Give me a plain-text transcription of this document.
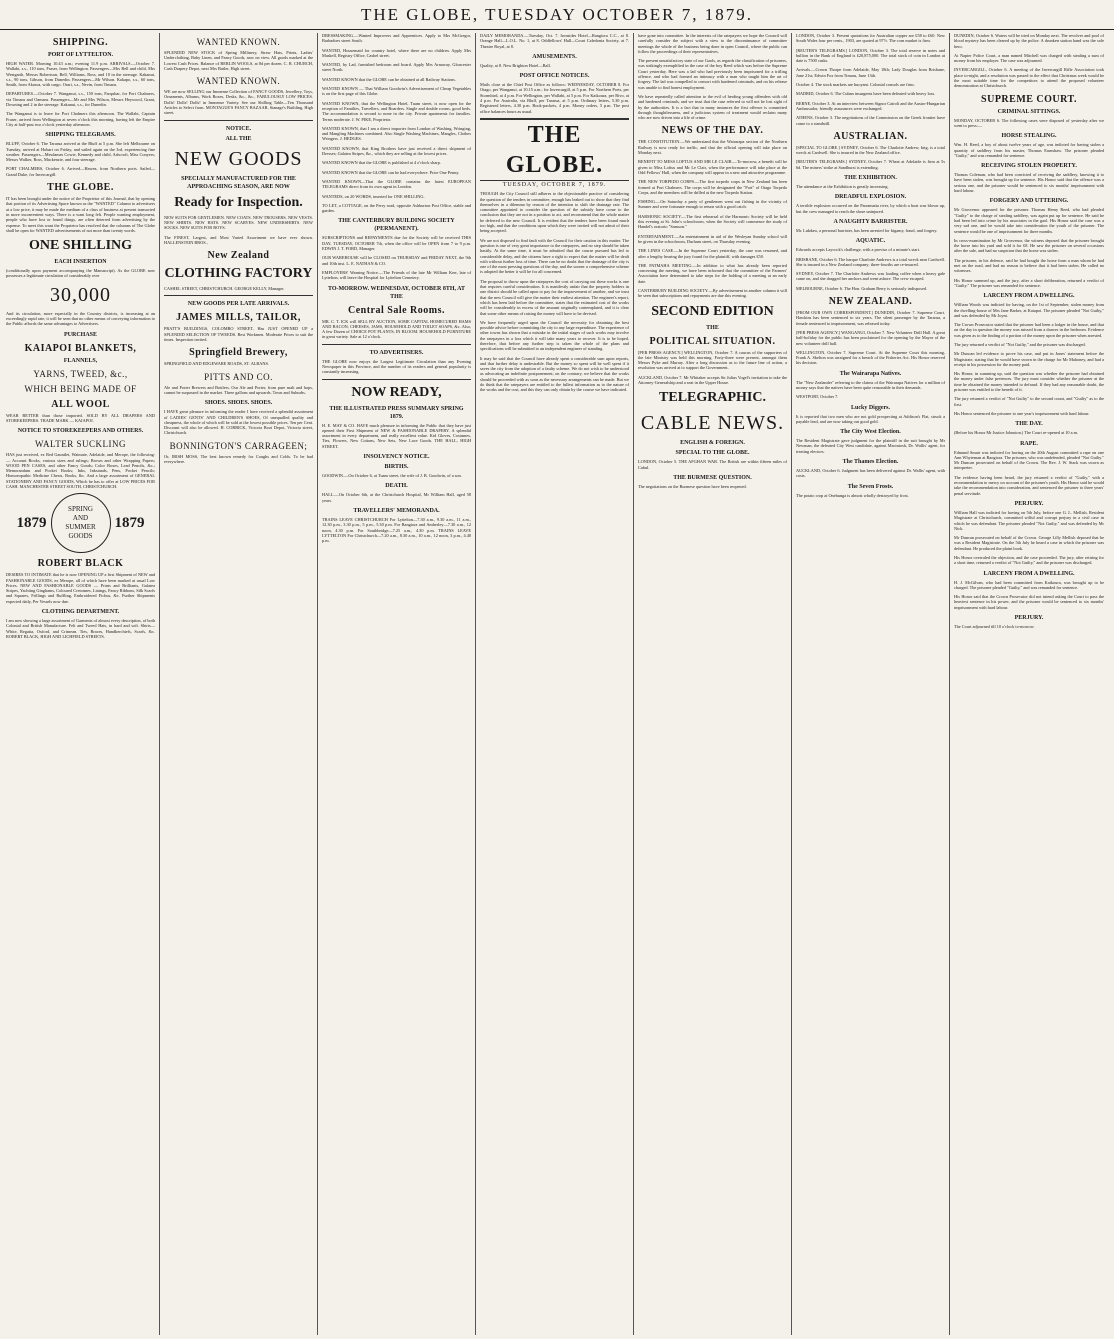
THE GLOBE, TUESDAY OCTOBER 7, 1879.
SHIPPING.
PORT OF LYTTELTON.
HIGH WATER. Morning 10.43 a.m.; evening 11.9 p.m. ARRIVALS.—October 7. Wallabi, s.s., 110 tons, Fraser, from Wellington. Passengers—Mrs Bell and child, Mrs Westgarth, Messrs Robertson, Bell, Williams, Ross, and 10 in the steerage. Kakanui, s.s., 90 tons, Gibson, from Dunedin. Passengers—Mr Wilson. Kakapo, s.s., 60 tons, Smith, from Akaroa, with cargo. Orari, s.s., Nevin, from Timaru.
DEPARTURES.—October 7. Wanganui, s.s., 150 tons, Farquhar, for Port Chalmers, via Timaru and Oamaru. Passengers—Mr and Mrs Wilson, Messrs Heywood, Grant, Downing and 2 in the steerage. Kakanui, s.s., for Dunedin.
The Wanganui is to leave for Port Chalmers this afternoon. The Wallabi, Captain Fraser, arrived from Wellington at seven o'clock this morning, having left the Empire City at half-past two o'clock yesterday afternoon.
SHIPPING TELEGRAMS.
BLUFF, October 6. The Tararua arrived at the Bluff at 5 p.m. She left Melbourne on Tuesday, arrived at Hobart on Friday, and sailed again on the 3rd, experiencing fine weather. Passengers—Mesdames Cowie, Kennedy and child, Ashcroft, Miss Conyers; Messrs Walker, Ross, Mackenzie, and four steerage.
PORT CHALMERS, October 6. Arrived—Hawea, from Northern ports. Sailed—Grand Duke, for Invercargill.
THE GLOBE.
IT has been brought under the notice of the Proprietor of this Journal, that by opening that portion of its Advertising Space known as the "WANTED" Column to advertisers at a low price, it may be made the medium of a class of business at present transacted in more inconvenient ways. There is a want long felt. People wanting employment, people who have lost or found things, are often deterred from advertising by the expense. To meet this want the Proprietor has resolved that the columns of The Globe shall be open for WANTED advertisements of not more than twenty words.
ONE SHILLING
EACH INSERTION
(conditionally upon payment accompanying the Manuscript). As the GLOBE now possesses a legitimate circulation of considerably over
30,000
And its circulation, more especially in the Country districts, is increasing at an exceedingly rapid rate, it will be seen that no other means of conveying information to the Public affords the same advantages to Advertisers.
PURCHASE
KAIAPOI BLANKETS,
FLANNELS,
YARNS, TWEED, &c.,
WHICH BEING MADE OF
ALL WOOL
WEAR BETTER than those imported. SOLD BY ALL DRAPERS AND STOREKEEPERS. TRADE MARK — KAIAPOI.
NOTICE TO STOREKEEPERS AND OTHERS.
WALTER SUCKLING
HAS just received, ex Red Gauntlet, Waimate, Adelaide, and Merope, the following:— Account Books, various sizes and rulings; Brown and other Wrapping Papers; WOOD PEN CASES, and other Fancy Goods; Color Boxes, Lead Pencils, &c.; Memorandum and Pocket Books; Inks, Inkstands, Pens, Pocket Pencils; Homoeopathic Medicine Chests, Books, &c. And a large assortment of GENERAL STATIONERY AND FANCY GOODS, Which he has to offer at LOW PRICES FOR CASH. MANCHESTER STREET SOUTH, CHRISTCHURCH.
1879
SPRING
AND
SUMMER
GOODS
1879
ROBERT BLACK
DESIRES TO INTIMATE that he is now OPENING UP a first Shipment of NEW and FASHIONABLE GOODS, ex Merope, all of which have been marked at usual Low Prices. NEW AND FASHIONABLE GOODS — Prints and Brilliants, Galatea Stripes, Yachting Ginghams, Coloured Cretonnes, Linings, Fancy Ribbons, Silk Scarfs and Squares, Frillings and Ruffling, Embroidered Fichus, &c. Further Shipments expected daily, Per Vessels now due.
CLOTHING DEPARTMENT.
I am now showing a large assortment of Garments of almost every description, of both Colonial and British Manufacture. Felt and Tweed Hats, in hard and soft. Shirts—White, Regatta, Oxford, and Crimean. Ties, Braces, Handkerchiefs, Scarfs, &c. ROBERT BLACK, HIGH AND LICHFIELD STREETS.
WANTED KNOWN.
SPLENDID NEW STOCK of Spring Millinery, Straw Hats, Prints, Ladies' Underclothing, Baby Linen, and Fancy Goods, now on view. All goods marked at the Lowest Cash Prices. Balance of BERLIN WOOLS, at 8d per dozen. C. R. CHURCH, Cash Drapery Depot, next Mrs Butler, High street.
WANTED KNOWN.
WE are now SELLING our Immense Collection of FANCY GOODS, Jewellery, Toys, Ornaments, Albums, Work Boxes, Desks, &c., &c., FABULOUSLY LOW PRICES. Dolls! Dolls! Dolls! in Immense Variety. See our Shilling Table—Ten Thousand Articles to Select from. MONTAGUE'S FANCY BAZAAR, Stanage's Building, High street.
NOTICE.
ALL THE
NEW GOODS
SPECIALLY MANUFACTURED FOR THE APPROACHING SEASON, ARE NOW
Ready for Inspection.
NEW SUITS FOR GENTLEMEN. NEW COATS. NEW TROUSERS. NEW VESTS. NEW SHIRTS. NEW HATS. NEW SCARVES. NEW UNDERSHIRTS. NEW SOCKS. NEW SUITS FOR BOYS.
The FINEST, Largest, and Most Varied Assortment we have ever shown. HALLENSTEIN BROS.,
New Zealand
CLOTHING FACTORY
CASHEL STREET, CHRISTCHURCH. GEORGE KELLY, Manager.
NEW GOODS PER LATE ARRIVALS.
JAMES MILLS, TAILOR,
PRATT'S BUILDINGS, COLOMBO STREET, Has JUST OPENED UP a SPLENDID SELECTION OF TWEEDS. Best Workmen. Moderate Prices to suit the times. Inspection invited.
Springfield Brewery,
SPRINGFIELD AND EDGEWARE ROADS, ST. ALBANS.
PITTS AND CO.
Ale and Porter Brewers and Bottlers. Our Ale and Porter, from pure malt and hops, cannot be surpassed in the market. Three gallons and upwards. Town and Suburbs.
SHOES. SHOES. SHOES.
I HAVE great pleasure in informing the reader I have received a splendid assortment of LADIES' GENTS' AND CHILDREN'S SHOES, Of unequalled quality and cheapness, the whole of which will be sold at the lowest possible prices. Ten per Cent. Discount will also be allowed. H. CORRICK, Victoria Boot Depot, Victoria street, Christchurch.
BONNINGTON'S CARRAGEEN;
Or, IRISH MOSS, The best known remedy for Coughs and Colds. To be had everywhere.
DRESSMAKING.—Wanted Improvers and Apprentices. Apply to Mrs McGregor, Barbadoes street South.
WANTED, Housemaid for country hotel, where there are no children. Apply Mrs Maskell, Registry Office, Cashel street.
WANTED, by Lad, furnished bedroom and board. Apply Mrs Arnaway, Gloucester street North.
WANTED KNOWN that the GLOBE can be obtained at all Railway Stations.
WANTED KNOWN — That William Goodwin's Advertisement of Cheap Vegetables is on the first page of this Globe.
WANTED KNOWN, that the Wellington Hotel, Tuam street, is now open for the reception of Families, Travellers, and Boarders. Single and double rooms, good beds. The accommodation is second to none in the city. Private apartments for families. Terms moderate. J. W. PIKE, Proprietor.
WANTED KNOWN, that I am a direct importer from London of Washing, Wringing, and Mangling Machines combined. Also Single Washing Machines, Mangles, Clothes Wringers. J. HEDGES.
WANTED KNOWN, that King Brothers have just received a direct shipment of Dresses; Galatea Stripes, &c., which they are selling at the lowest prices.
WANTED KNOWN that the GLOBE is published at 4 o'clock sharp.
WANTED KNOWN that the GLOBE can be had everywhere. Price One Penny.
WANTED KNOWN—That the GLOBE contains the latest EUROPEAN TELEGRAMS direct from its own agent in London.
WANTEDS, on 20 WORDS, inserted for ONE SHILLING.
TO LET, a COTTAGE, on the Ferry road, opposite Ashburton Post Office, stable and garden.
THE CANTERBURY BUILDING SOCIETY (PERMANENT).
SUBSCRIPTIONS and REPAYMENTS due for the Society will be received THIS DAY, TUESDAY, OCTOBER 7th, when the office will be OPEN from 7 to 9 p.m. EDWIN J. T. FORD, Manager.
OUR WAREHOUSE will be CLOSED on THURSDAY and FRIDAY NEXT, the 9th and 10th inst. L. E. NATHAN & CO.
EMPLOYERS' Warning Notice.—The Friends of the late Mr William Kerr, late of Lyttelton, will leave the Hospital for Lyttelton Cemetery.
TO-MORROW. WEDNESDAY, OCTOBER 8TH, AT THE
Central Sale Rooms.
MR. C. T. ICK will SELL BY AUCTION, SOME CAPITAL HOMECURED HAMS AND BACON, CHEESES, JAMS, HOUSEHOLD AND TOILET SOAPS, &c. Also, A few Dozen of CHOICE POT PLANTS, IN BLOOM. HOUSEHOLD FURNITURE in great variety. Sale at 12 o'clock.
TO ADVERTISERS.
THE GLOBE now enjoys the Largest Legitimate Circulation than any Evening Newspaper in this Province, and the number of its readers and general popularity is constantly increasing.
NOW READY,
THE ILLUSTRATED PRESS SUMMARY SPRING 1879.
H. E. MAY & CO. HAVE much pleasure in informing the Public that they have just opened their First Shipment of NEW & FASHIONABLE DRAPERY. A splendid assortment in every department, and really excellent value. Kid Gloves, Costumes, Ties, Flowers, New Cottons, New Sets, New Lace Goods. THE HALL, HIGH STREET.
INSOLVENCY NOTICE.
BIRTHS.
GOODWIN.—On October 6, at Tuam street, the wife of J. B. Goodwin, of a son.
DEATH.
HALL.—On October 6th, at the Christchurch Hospital, Mr William Hall, aged 58 years.
TRAVELLERS' MEMORANDA.
TRAINS LEAVE CHRISTCHURCH For Lyttelton—7.30 a.m., 9.30 a.m., 11 a.m., 12.30 p.m., 3.30 p.m., 5 p.m., 5.30 p.m. For Rangiora and Amberley—7.30 a.m., 12 noon, 4.30 p.m. For Southbridge—7.25 a.m., 4.30 p.m. TRAINS LEAVE LYTTELTON For Christchurch—7.20 a.m., 8.30 a.m., 10 a.m., 12 noon, 3 p.m., 4.40 p.m.
DAILY MEMORANDA.—Tuesday, Oct. 7. Ironsides Hotel—Rangiora C.C., at 8. Orange Hall—L.O.L. No. 1, at 8. Oddfellows' Hall—Court Caledonia Society, at 7. Theatre Royal, at 8.
AMUSEMENTS.
Quality, at 8. New Brighton Hotel—Ball.
POST OFFICE NOTICES.
Mails close at the Chief Post Office as follows: WEDNESDAY, OCTOBER 8. For Otago, per Wanganui, at 10.15 a.m.; for Invercargill, at 5 p.m. For Northern Ports, per Stormbird, at 4 p.m. For Wellington, per Wallabi, at 5 p.m. For Kaikoura, per Rivo, at 4 p.m. For Australia, via Bluff, per Tararua, at 5 p.m. Ordinary letters, 5.30 p.m. Registered letters, 4.30 p.m. Book-packets, 4 p.m. Money orders, 5 p.m. The post office balances hours as usual.
THE GLOBE.
TUESDAY, OCTOBER 7, 1879.
THOUGH the City Council still adheres to the objectionable practice of considering the question of the tenders in committee, enough has leaked out to show that they find themselves in a dilemma by reason of the intention to shift the drainage rate. The committee appointed to consider the question of the subsidy have come to the conclusion that they are not in a position to act, and recommend that the whole matter be deferred to the new Council. It is evident that the tenders have been found much too high, and that the conditions upon which they were invited will not admit of their being accepted.
We are not disposed to find fault with the Council for their caution in this matter. The question is one of very great importance to the ratepayers, and no step should be taken hastily. At the same time, it must be admitted that the course pursued has led to considerable delay, and the citizens have a right to expect that the matter will be dealt with without further loss of time. There can be no doubt that the drainage of the city is one of the most pressing questions of the day, and the sooner a comprehensive scheme is adopted the better it will be for all concerned.
The proposal to throw upon the ratepayers the cost of carrying out these works is one that requires careful consideration. It is manifestly unfair that the property holders in one district should be called upon to pay for the improvement of another, and we trust that the new Council will give the matter their earliest attention. The engineer's report, which has been laid before the committee, states that the estimated cost of the works will be considerably in excess of the amount originally contemplated, and it is clear that some other means of raising the money will have to be devised.
We have frequently urged upon the Council the necessity for obtaining the best possible advice before committing the city to any large expenditure. The experience of other towns has shown that a mistake in the initial stages of such works may involve the ratepayers in a loss which it will take many years to recover. It is to be hoped, therefore, that before any further step is taken the whole of the plans and specifications will be submitted to an independent engineer of standing.
It may be said that the Council have already spent a considerable sum upon reports, and that further delay is undesirable. But the money so spent will be well spent if it saves the city from the adoption of a faulty scheme. We do not wish to be understood as advocating an indefinite postponement; on the contrary, we believe that the works should be proceeded with as soon as the necessary arrangements can be made. But we do think that the ratepayers are entitled to the fullest information as to the nature of the works and the cost, and this they can only obtain by the course we have indicated.
have gone into committee. In the interests of the ratepayers we hope the Council will carefully consider the subject with a view to the discontinuance of committee meetings the whole of the business being done in open Council, where the public can follow the proceedings of their representatives.
The present unsatisfactory state of our Gaols, as regards the classification of prisoners, was strikingly exemplified in the case of the boy Reed which was before the Supreme Court yesterday. Here was a lad who had previously been imprisoned for a trifling offence, and who had formed an intimacy with a man who taught him the art of forgery. The lad was compelled to consort with hardened criminals, and on his release was unable to find honest employment.
We have repeatedly called attention to the evil of herding young offenders with old and hardened criminals, and we trust that the case referred to will not be lost sight of by the authorities. It is a fact that in many instances the first offence is committed through thoughtlessness, and a judicious system of treatment would reclaim many who are now driven into a life of crime.
NEWS OF THE DAY.
THE CONSTITUTION.—We understand that the Wairarapa section of the Northern Railway is now ready for traffic, and that the official opening will take place on Monday next.
BENEFIT TO MESS LOFTUS AND MR LE CLAIR.—To-morrow, a benefit will be given to Miss Loftus and Mr Le Clair, when the performance will take place at the Odd Fellows' Hall, when the company will appear in a new and attractive programme.
THE NEW TORPEDO CORPS.—The first torpedo corps in New Zealand has been formed at Port Chalmers. The corps will be designated the "Port" of Otago Torpedo Corps, and the members will be drilled at the new Torpedo Station.
FISHING.—On Saturday a party of gentlemen went out fishing in the vicinity of Sumner and were fortunate enough to return with a good catch.
HARMONIC SOCIETY.—The first rehearsal of the Harmonic Society will be held this evening at St. John's schoolroom, when the Society will commence the study of Handel's oratorio "Samson."
ENTERTAINMENT.—An entertainment in aid of the Wesleyan Sunday school will be given in the schoolroom, Durham street, on Thursday evening.
THE LINES CASE.—In the Supreme Court yesterday, the case was resumed, and after a lengthy hearing the jury found for the plaintiff, with damages £50.
THE PATMAHA MEETING.—In addition to what has already been reported concerning the meeting, we have been informed that the committee of the Farmers' Association have determined to take steps for the holding of a meeting at an early date.
CANTERBURY BUILDING SOCIETY.—By advertisement in another column it will be seen that subscriptions and repayments are due this evening.
SECOND EDITION
THE
POLITICAL SITUATION.
[PER PRESS AGENCY.] WELLINGTON, October 7. A caucus of the supporters of the late Ministry was held this morning. Forty-three were present, amongst them Messrs Pyke and Murray. After a long discussion as to the future line of action, a resolution was arrived at to support the Government.
AUCKLAND, October 7. Mr Whitaker accepts Sir Julius Vogel's invitation to take the Attorney-Generalship and a seat in the Upper House.
TELEGRAPHIC.
CABLE NEWS.
ENGLISH & FOREIGN.
SPECIAL TO THE GLOBE.
LONDON, October 5. THE AFGHAN WAR. The British are within fifteen miles of Cabul.
THE BURMESE QUESTION.
The negotiations on the Burmese question have been reopened.
LONDON, October 3. Present quotations for Australian copper are £58 to £60. New South Wales four per cents., 1903, are quoted at 97½. The corn market is firm.
[REUTER'S TELEGRAMS.] LONDON, October 3. The total reserve in notes and bullion in the Bank of England is £20,875,000. The total stock of coin in London at date is 7500 casks.
Arrivals.—Crown Thorpe from Adelaide, May 18th; Lady Douglas from Brisbane, June 21st; Edwin Fox from Timaru, June 13th.
October 4. The stock markets are buoyant. Colonial consols are firm.
MADRID, October 6. The Cuban insurgents have been defeated with heavy loss.
BERNE, October 3. At an interview between Signor Cairoli and the Austro-Hungarian Ambassador, friendly assurances were exchanged.
ATHENS, October 3. The negotiations of the Commission on the Greek frontier have come to a standstill.
AUSTRALIAN.
[SPECIAL TO GLOBE.] SYDNEY, October 6. The Charlotte Andrew, brig, is a total wreck at Cardwell. She is insured in the New Zealand office.
[REUTER'S TELEGRAMS.] SYDNEY, October 7. Wheat at Adelaide is firm at 5s 6d. The miners' strike at Sandhurst is extending.
THE EXHIBITION.
The attendance at the Exhibition is greatly increasing.
DREADFUL EXPLOSION.
A terrible explosion occurred on the Parramatta river, by which a boat was blown up, but the crew managed to reach the shore uninjured.
A NAUGHTY BARRISTER.
Mr. Lukdaw, a personal barrister, has been arrested for bigamy, fraud, and forgery.
AQUATIC.
Edwards accepts Laycock's challenge, with a proviso of a minute's start.
BRISBANE, October 6. The barque Charlotte Andrews is a total wreck near Cardwell. She is insured in a New Zealand company; three-fourths are re-insured.
SYDNEY, October 7. The Charlotte Andrews was loading coffee when a heavy gale came on, and she dragged her anchors and went ashore. The crew escaped.
MELBOURNE, October 6. The Hon. Graham Berry is seriously indisposed.
NEW ZEALAND.
[FROM OUR OWN CORRESPONDENT.] DUNEDIN, October 7. Supreme Court. Hawkins has been sentenced to six years. The silent passenger by the Tararua, a female sentenced to imprisonment, was released today.
[PER PRESS AGENCY.] WANGANUI, October 7. New Volunteer Drill Hall. A great half-holiday for the public has been proclaimed for the opening by the Mayor of the new volunteer drill hall.
WELLINGTON, October 7. Supreme Court. At the Supreme Court this morning, Frank A. Skelton was arraigned for a breach of the Fisheries Act. His Honor reserved his decision.
The Wairarapa Natives.
The "New Zealander" referring to the claims of the Wairarapa Natives for a million of money says that the natives have been quite reasonable in their demands.
WESTPORT, October 7.
Lucky Diggers.
It is reported that two men who are not gold prospecting at Addison's Flat, struck a payable lead, and are now taking out good gold.
The City West Election.
The Resident Magistrate gave judgment for the plaintiff in the suit brought by Mr Newman, the defeated City West candidate, against Macintosh, Dr. Wallis' agent, for treating electors.
The Thames Election.
AUCKLAND, October 6. Judgment has been delivered against Dr. Wallis' agent, with costs.
The Seven Frosts.
The potato crop at Onehunga is almost wholly destroyed by frost.
DUNEDIN, October 6. Waters will be tried on Monday next. The revolver and pool of blood mystery has been cleared up by the police. A drunken station hand was the sole hero.
At Napier Police Court, a man named Mitchell was charged with stealing a sum of money from his employer. The case was adjourned.
INVERCARGILL, October 6. A meeting of the Invercargill Rifle Association took place to-night, and a resolution was passed to the effect that Christmas week would be the most suitable time for the competitors to attend the proposed volunteer demonstration at Christchurch.
SUPREME COURT.
CRIMINAL SITTINGS.
MONDAY, OCTOBER 6. The following cases were disposed of yesterday after we went to press:—
HORSE STEALING.
Wm. H. Reed, a boy of about twelve years of age, was indicted for having stolen a quantity of saddlery from his master, Thomas Earnshaw. The prisoner pleaded "Guilty," and was remanded for sentence.
RECEIVING STOLEN PROPERTY.
Thomas Coleman, who had been convicted of receiving the saddlery, knowing it to have been stolen, was brought up for sentence. His Honor said that the offence was a serious one, and the prisoner would be sentenced to six months' imprisonment with hard labour.
FORGERY AND UTTERING.
Mr Grosvenor appeared for the prisoner. Thomas Henry Reed, who had pleaded "Guilty" to the charge of stealing saddlery, was again put up for sentence. He said he had been led into crime by his associates in the gaol. His Honor said the case was a very sad one, and he would take into consideration the youth of the prisoner. The sentence would be one of imprisonment for three months.
In cross-examination by Mr Grosvenor, the witness deposed that the prisoner brought the horse into his yard and sold it for £8. He saw the prisoner on several occasions after the sale, and had no suspicion that the horse was stolen.
The prisoner, in his defence, said he had bought the horse from a man whom he had met on the road, and had no reason to believe that it had been stolen. He called no witnesses.
His Honor summed up, and the jury, after a short deliberation, returned a verdict of "Guilty." The prisoner was remanded for sentence.
LARCENY FROM A DWELLING.
William Woods was indicted for having, on the 1st of September, stolen money from the dwelling-house of Mrs Jane Barker, at Kaiapoi. The prisoner pleaded "Not Guilty," and was defended by Mr Joynt.
The Crown Prosecutor stated that the prisoner had been a lodger in the house, and that on the day in question the money was missed from a drawer in the bedroom. Evidence was given as to the finding of a portion of the money upon the prisoner when arrested.
The jury returned a verdict of "Not Guilty," and the prisoner was discharged.
Mr Duncan led evidence to prove his case, and put in Jones' statement before the Magistrate, stating that he would have sworn in the charge for Mr Mahoney, and had a receipt in his possession for the money paid.
His Honor, in summing up, said the question was whether the prisoner had obtained the money under false pretences. The jury must consider whether the prisoner at the time he obtained the money intended to defraud. If they had any reasonable doubt, the prisoner was entitled to the benefit of it.
The jury returned a verdict of "Not Guilty" to the second count, and "Guilty" as to the first.
His Honor sentenced the prisoner to one year's imprisonment with hard labour.
THE DAY.
(Before his Honor Mr Justice Johnston.) The Court re-opened at 10 a.m.
RAPE.
Edmund Smart was indicted for having on the 20th August committed a rape on one Ann Whyteman at Rangiora. The prisoner, who was undefended, pleaded "Not Guilty." Mr Duncan prosecuted on behalf of the Crown. The Rev. J. W. Stack was sworn as interpreter.
The evidence having been heard, the jury returned a verdict of "Guilty," with a recommendation to mercy on account of the prisoner's youth. His Honor said he would take the recommendation into consideration, and sentenced the prisoner to three years' penal servitude.
PERJURY.
William Hall was indicted for having on 5th July, before one G. L. Mellish, Resident Magistrate at Christchurch, committed wilful and corrupt perjury in a civil case in which he was defendant. The prisoner pleaded "Not Guilty," and was defended by Mr Nick.
Mr Duncan prosecuted on behalf of the Crown. George Lilly Mellish deposed that he was a Resident Magistrate. On the 5th July he heard a case in which the prisoner was defendant. He produced the plaint book.
His Honor overruled the objection, and the case proceeded. The jury, after retiring for a short time, returned a verdict of "Not Guilty," and the prisoner was discharged.
LARCENY FROM A DWELLING.
H. J. McGilvan, who had been committed from Kaikoura, was brought up to be charged. The prisoner pleaded "Guilty," and was remanded for sentence.
His Honor said that the Crown Prosecutor did not intend asking the Court to pass the heaviest sentence in his power, and the prisoner would be sentenced to six months' imprisonment with hard labour.
PERJURY.
The Court adjourned till 10 o'clock to-morrow.
